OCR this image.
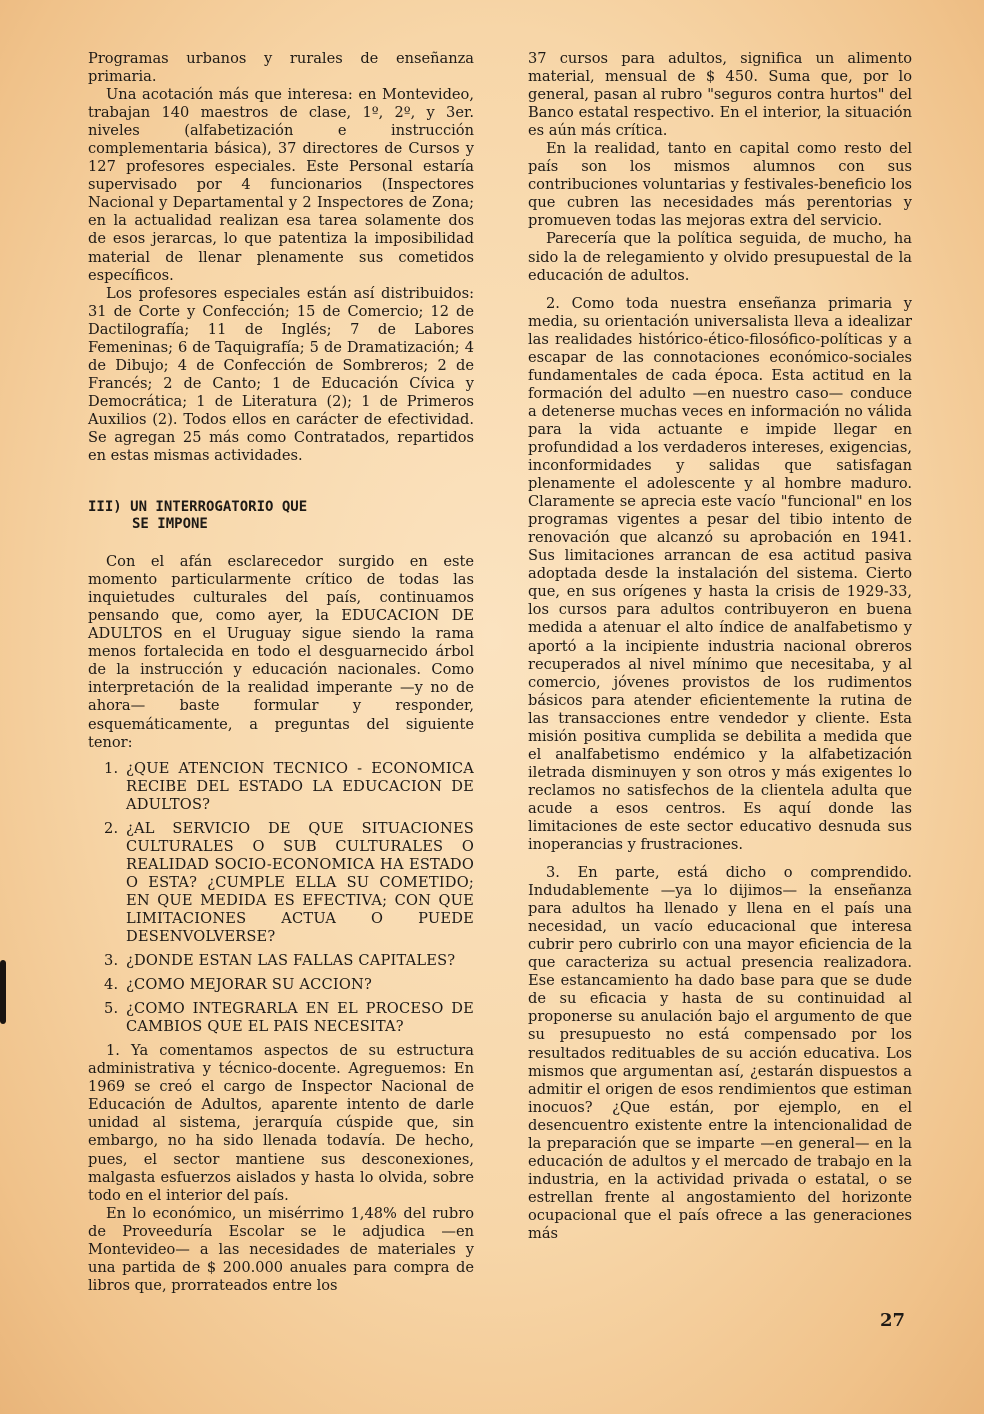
Programas urbanos y rurales de enseñanza primaria.

Una acotación más que interesa: en Montevideo, trabajan 140 maestros de clase, 1º, 2º, y 3er. niveles (alfabetización e instrucción complementaria básica), 37 directores de Cursos y 127 profesores especiales. Este Personal estaría supervisado por 4 funcionarios (Inspectores Nacional y Departamental y 2 Inspectores de Zona; en la actualidad realizan esa tarea solamente dos de esos jerarcas, lo que patentiza la imposibilidad material de llenar plenamente sus cometidos específicos.

Los profesores especiales están así distribuidos: 31 de Corte y Confección; 15 de Comercio; 12 de Dactilografía; 11 de Inglés; 7 de Labores Femeninas; 6 de Taquigrafía; 5 de Dramatización; 4 de Dibujo; 4 de Confección de Sombreros; 2 de Francés; 2 de Canto; 1 de Educación Cívica y Democrática; 1 de Literatura (2); 1 de Primeros Auxilios (2). Todos ellos en carácter de efectividad. Se agregan 25 más como Contratados, repartidos en estas mismas actividades.

III) UN INTERROGATORIO QUE
SE IMPONE

Con el afán esclarecedor surgido en este momento particularmente crítico de todas las inquietudes culturales del país, continuamos pensando que, como ayer, la EDUCACION DE ADULTOS en el Uruguay sigue siendo la rama menos fortalecida en todo el desguarnecido árbol de la instrucción y educación nacionales. Como interpretación de la realidad imperante —y no de ahora— baste formular y responder, esquemáticamente, a preguntas del siguiente tenor:

1. ¿QUE ATENCION TECNICO - ECONOMICA RECIBE DEL ESTADO LA EDUCACION DE ADULTOS?
2. ¿AL SERVICIO DE QUE SITUACIONES CULTURALES O SUB CULTURALES O REALIDAD SOCIO-ECONOMICA HA ESTADO O ESTA? ¿CUMPLE ELLA SU COMETIDO; EN QUE MEDIDA ES EFECTIVA; CON QUE LIMITACIONES ACTUA O PUEDE DESENVOLVERSE?
3. ¿DONDE ESTAN LAS FALLAS CAPITALES?
4. ¿COMO MEJORAR SU ACCION?
5. ¿COMO INTEGRARLA EN EL PROCESO DE CAMBIOS QUE EL PAIS NECESITA?

1. Ya comentamos aspectos de su estructura administrativa y técnico-docente. Agreguemos: En 1969 se creó el cargo de Inspector Nacional de Educación de Adultos, aparente intento de darle unidad al sistema, jerarquía cúspide que, sin embargo, no ha sido llenada todavía. De hecho, pues, el sector mantiene sus desconexiones, malgasta esfuerzos aislados y hasta lo olvida, sobre todo en el interior del país.

En lo económico, un misérrimo 1,48% del rubro de Proveeduría Escolar se le adjudica —en Montevideo— a las necesidades de materiales y una partida de $ 200.000 anuales para compra de libros que, prorrateados entre los

37 cursos para adultos, significa un alimento material, mensual de $ 450. Suma que, por lo general, pasan al rubro "seguros contra hurtos" del Banco estatal respectivo. En el interior, la situación es aún más crítica.

En la realidad, tanto en capital como resto del país son los mismos alumnos con sus contribuciones voluntarias y festivales-beneficio los que cubren las necesidades más perentorias y promueven todas las mejoras extra del servicio.

Parecería que la política seguida, de mucho, ha sido la de relegamiento y olvido presupuestal de la educación de adultos.

2. Como toda nuestra enseñanza primaria y media, su orientación universalista lleva a idealizar las realidades histórico-ético-filosófico-políticas y a escapar de las connotaciones económico-sociales fundamentales de cada época. Esta actitud en la formación del adulto —en nuestro caso— conduce a detenerse muchas veces en información no válida para la vida actuante e impide llegar en profundidad a los verdaderos intereses, exigencias, inconformidades y salidas que satisfagan plenamente el adolescente y al hombre maduro. Claramente se aprecia este vacío "funcional" en los programas vigentes a pesar del tibio intento de renovación que alcanzó su aprobación en 1941. Sus limitaciones arrancan de esa actitud pasiva adoptada desde la instalación del sistema. Cierto que, en sus orígenes y hasta la crisis de 1929-33, los cursos para adultos contribuyeron en buena medida a atenuar el alto índice de analfabetismo y aportó a la incipiente industria nacional obreros recuperados al nivel mínimo que necesitaba, y al comercio, jóvenes provistos de los rudimentos básicos para atender eficientemente la rutina de las transacciones entre vendedor y cliente. Esta misión positiva cumplida se debilita a medida que el analfabetismo endémico y la alfabetización iletrada disminuyen y son otros y más exigentes lo reclamos no satisfechos de la clientela adulta que acude a esos centros. Es aquí donde las limitaciones de este sector educativo desnuda sus inoperancias y frustraciones.

3. En parte, está dicho o comprendido. Indudablemente —ya lo dijimos— la enseñanza para adultos ha llenado y llena en el país una necesidad, un vacío educacional que interesa cubrir pero cubrirlo con una mayor eficiencia de la que caracteriza su actual presencia realizadora. Ese estancamiento ha dado base para que se dude de su eficacia y hasta de su continuidad al proponerse su anulación bajo el argumento de que su presupuesto no está compensado por los resultados redituables de su acción educativa. Los mismos que argumentan así, ¿estarán dispuestos a admitir el origen de esos rendimientos que estiman inocuos? ¿Que están, por ejemplo, en el desencuentro existente entre la intencionalidad de la preparación que se imparte —en general— en la educación de adultos y el mercado de trabajo en la industria, en la actividad privada o estatal, o se estrellan frente al angostamiento del horizonte ocupacional que el país ofrece a las generaciones más

27
